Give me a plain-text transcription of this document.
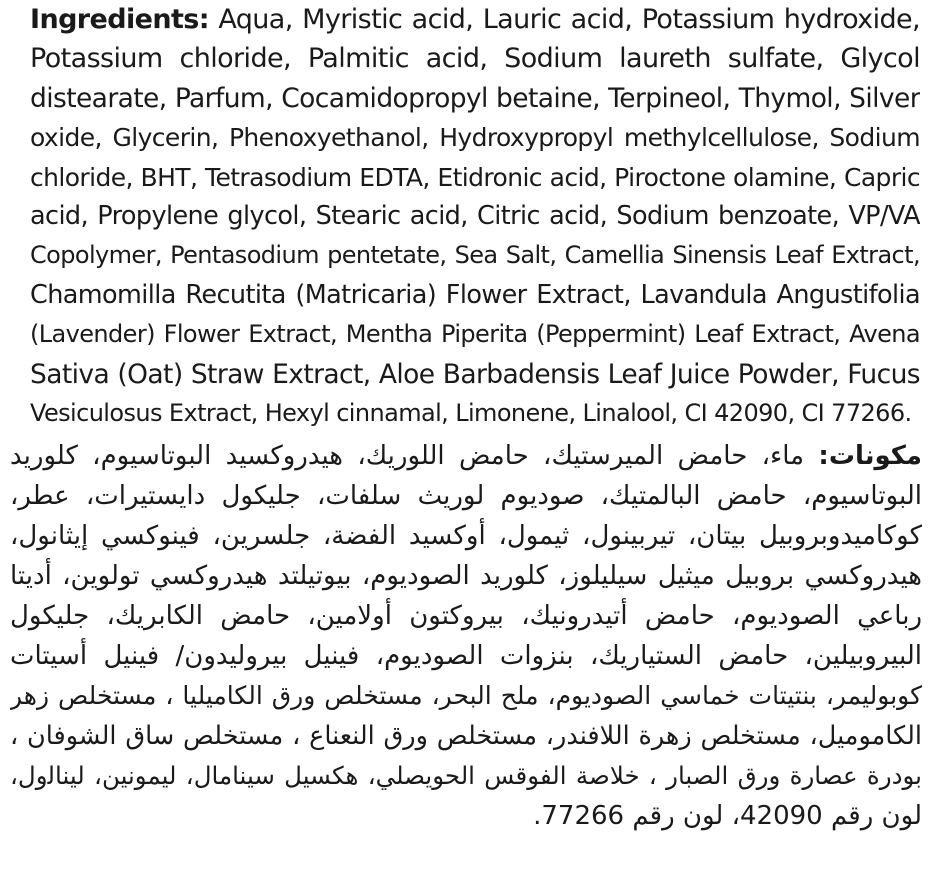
Ingredients: Aqua, Myristic acid, Lauric acid, Potassium hydroxide,
Potassium chloride, Palmitic acid, Sodium laureth sulfate, Glycol
distearate, Parfum, Cocamidopropyl betaine, Terpineol, Thymol, Silver
oxide, Glycerin, Phenoxyethanol, Hydroxypropyl methylcellulose, Sodium
chloride, BHT, Tetrasodium EDTA, Etidronic acid, Piroctone olamine, Capric
acid, Propylene glycol, Stearic acid, Citric acid, Sodium benzoate, VP/VA
Copolymer, Pentasodium pentetate, Sea Salt, Camellia Sinensis Leaf Extract,
Chamomilla Recutita (Matricaria) Flower Extract, Lavandula Angustifolia
(Lavender) Flower Extract, Mentha Piperita (Peppermint) Leaf Extract, Avena
Sativa (Oat) Straw Extract, Aloe Barbadensis Leaf Juice Powder, Fucus
Vesiculosus Extract, Hexyl cinnamal, Limonene, Linalool, CI 42090, CI 77266.
مكونات: ماء، حامض الميرستيك، حامض اللوريك، هيدروكسيد البوتاسيوم، كلوريد
البوتاسيوم، حامض البالمتيك، صوديوم لوريث سلفات، جليكول دايستيرات، عطر،
كوكاميدوبروبيل بيتان، تيربينول، ثيمول، أوكسيد الفضة، جلسرين، فينوكسي إيثانول،
هيدروكسي بروبيل ميثيل سيليلوز، كلوريد الصوديوم، بيوتيلتد هيدروكسي تولوين، أديتا
رباعي الصوديوم، حامض أتيدرونيك، بيروكتون أولامين، حامض الكابريك، جليكول
البيروبيلين، حامض الستياريك، بنزوات الصوديوم، فينيل بيروليدون/ فينيل أسيتات
كوبوليمر، بنتيتات خماسي الصوديوم، ملح البحر، مستخلص ورق الكاميليا ، مستخلص زهر
الكاموميل، مستخلص زهرة اللافندر، مستخلص ورق النعناع ، مستخلص ساق الشوفان ،
بودرة عصارة ورق الصبار ، خلاصة الفوقس الحويصلي، هكسيل سينامال، ليمونين، ليناﻟول،
لون رقم 42090، لون رقم 77266.
